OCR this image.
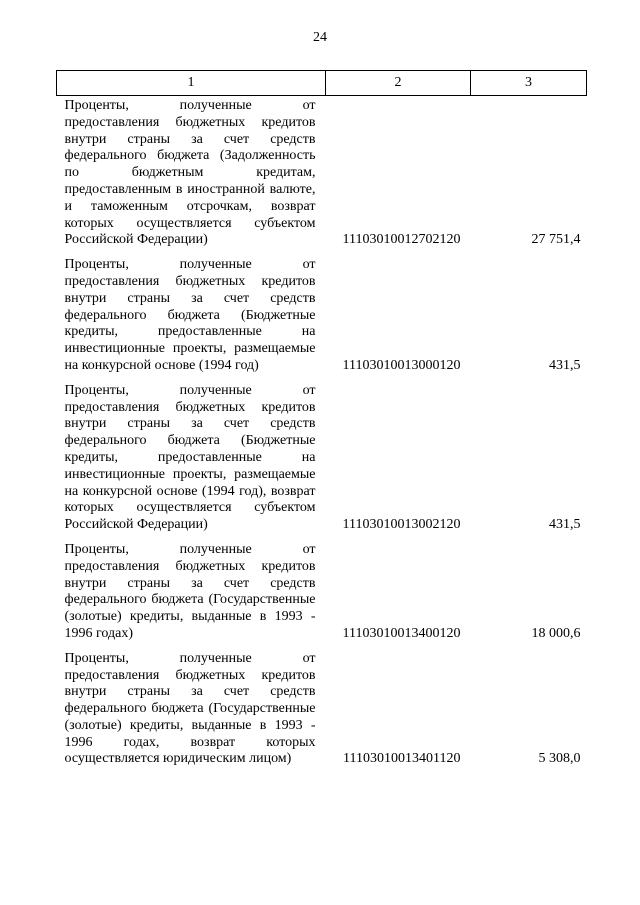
24
1	2	3
Проценты, полученные от предоставления бюджетных кредитов внутри страны за счет средств федерального бюджета (Задолженность по бюджетным кредитам, предоставленным в иностранной валюте, и таможенным отсрочкам, возврат которых осуществляется субъектом Российской Федерации)	11103010012702120	27 751,4
Проценты, полученные от предоставления бюджетных кредитов внутри страны за счет средств федерального бюджета (Бюджетные кредиты, предоставленные на инвестиционные проекты, размещаемые на конкурсной основе (1994 год)	11103010013000120	431,5
Проценты, полученные от предоставления бюджетных кредитов внутри страны за счет средств федерального бюджета (Бюджетные кредиты, предоставленные на инвестиционные проекты, размещаемые на конкурсной основе (1994 год), возврат которых осуществляется субъектом Российской Федерации)	11103010013002120	431,5
Проценты, полученные от предоставления бюджетных кредитов внутри страны за счет средств федерального бюджета (Государственные (золотые) кредиты, выданные в 1993 - 1996 годах)	11103010013400120	18 000,6
Проценты, полученные от предоставления бюджетных кредитов внутри страны за счет средств федерального бюджета (Государственные (золотые) кредиты, выданные в 1993 - 1996 годах, возврат которых осуществляется юридическим лицом)	11103010013401120	5 308,0
